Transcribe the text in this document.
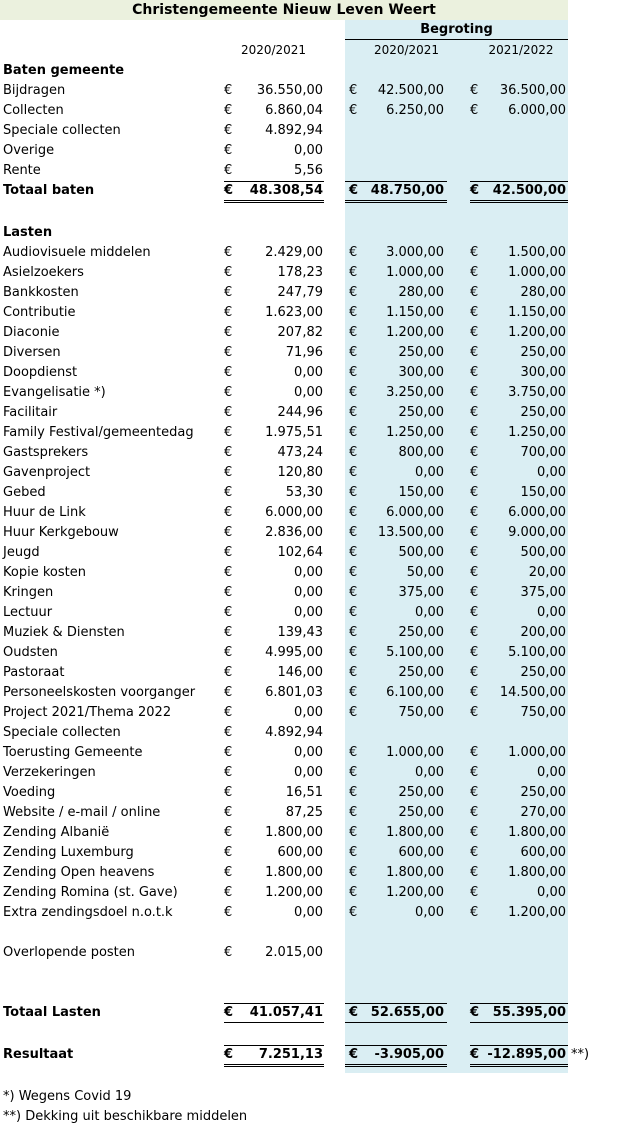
Christengemeente Nieuw Leven Weert
Begroting
2020/2021	2020/2021	2021/2022
Baten gemeente
Bijdragen	€	36.550,00 €	42.500,00 €	36.500,00
Collecten	€	6.860,04 €	6.250,00 €	6.000,00
Speciale collecten	€	4.892,94
Overige	€	0,00
Rente	€	5,56
Totaal baten	€	48.308,54 € 48.750,00 €	42.500,00
Lasten
Audiovisuele middelen	€	2.429,00 €	3.000,00 €	1.500,00
Asielzoekers	€	178,23 €	1.000,00 €	1.000,00
Bankkosten	€	247,79 €	280,00 €	280,00
Contributie	€	1.623,00 €	1.150,00 €	1.150,00
Diaconie	€	207,82 €	1.200,00 €	1.200,00
Diversen	€	71,96 €	250,00 €	250,00
Doopdienst	€	0,00 €	300,00 €	300,00
Evangelisatie *)	€	0,00 €	3.250,00 €	3.750,00
Facilitair	€	244,96 €	250,00 €	250,00
Family Festival/gemeentedag €	1.975,51 €	1.250,00 €	1.250,00
Gastsprekers	€	473,24 €	800,00 €	700,00
Gavenproject	€	120,80 €	0,00 €	0,00
Gebed	€	53,30 €	150,00 €	150,00
Huur de Link	€	6.000,00 €	6.000,00 €	6.000,00
Huur Kerkgebouw	€	2.836,00 €	13.500,00 €	9.000,00
Jeugd	€	102,64 €	500,00 €	500,00
Kopie kosten	€	0,00 €	50,00 €	20,00
Kringen	€	0,00 €	375,00 €	375,00
Lectuur	€	0,00 €	0,00 €	0,00
Muziek & Diensten	€	139,43 €	250,00 €	200,00
Oudsten	€	4.995,00 €	5.100,00 €	5.100,00
Pastoraat	€	146,00 €	250,00 €	250,00
Personeelskosten voorganger €	6.801,03 €	6.100,00 €	14.500,00
Project 2021/Thema 2022	€	0,00 €	750,00 €	750,00
Speciale collecten	€	4.892,94
Toerusting Gemeente	€	0,00 €	1.000,00 €	1.000,00
Verzekeringen	€	0,00 €	0,00 €	0,00
Voeding	€	16,51 €	250,00 €	250,00
Website / e-mail / online	€	87,25 €	250,00 €	270,00
Zending Albanië	€	1.800,00 €	1.800,00 €	1.800,00
Zending Luxemburg	€	600,00 €	600,00 €	600,00
Zending Open heavens	€	1.800,00 €	1.800,00 €	1.800,00
Zending Romina (st. Gave)	€	1.200,00 €	1.200,00 €	0,00
Extra zendingsdoel n.o.t.k	€	0,00 €	0,00 €	1.200,00
Overlopende posten	€	2.015,00
Totaal Lasten	€	41.057,41 € 52.655,00 €	55.395,00
Resultaat	€	7.251,13 €	-3.905,00 € -12.895,00 **)
*) Wegens Covid 19
**) Dekking uit beschikbare middelen
